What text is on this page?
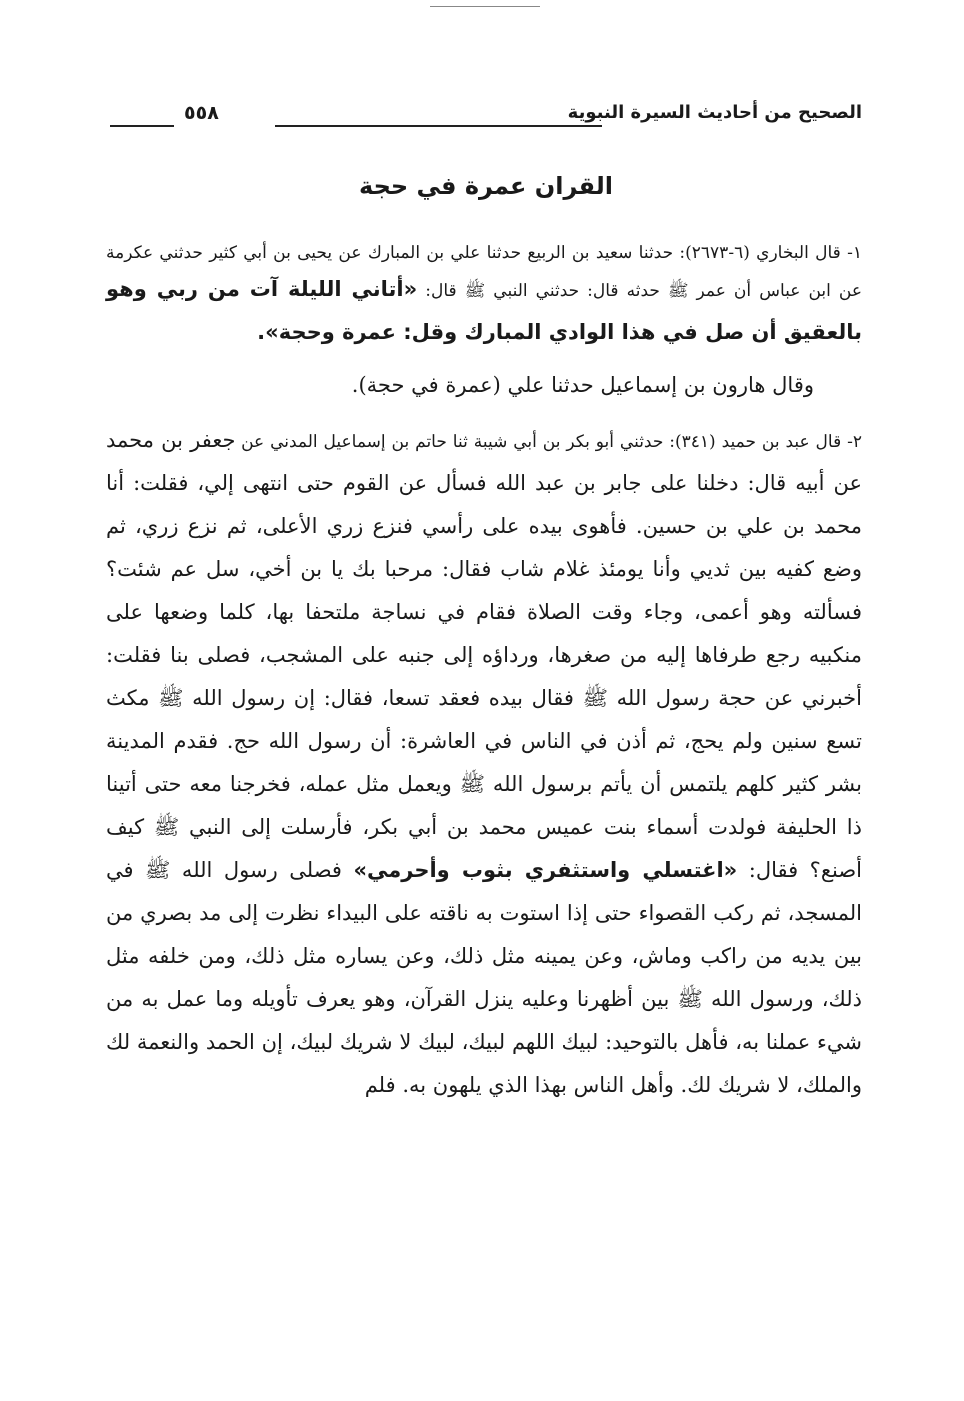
الصحيح من أحاديث السيرة النبوية
٥٥٨
القران عمرة في حجة

١- قال البخاري (٦-٢٦٧٣): حدثنا سعيد بن الربيع حدثنا علي بن المبارك عن يحيى بن أبي كثير حدثني عكرمة عن ابن عباس أن عمر ﷺ حدثه قال: حدثني النبي ﷺ قال: «أتاني الليلة آت من ربي وهو بالعقيق أن صل في هذا الوادي المبارك وقل: عمرة وحجة».

وقال هارون بن إسماعيل حدثنا علي (عمرة في حجة).

٢- قال عبد بن حميد (٣٤١): حدثني أبو بكر بن أبي شيبة ثنا حاتم بن إسماعيل المدني عن جعفر بن محمد عن أبيه قال: دخلنا على جابر بن عبد الله فسأل عن القوم حتى انتهى إلي، فقلت: أنا محمد بن علي بن حسين. فأهوى بيده على رأسي فنزع زري الأعلى، ثم نزع زري، ثم وضع كفيه بين ثديي وأنا يومئذ غلام شاب فقال: مرحبا بك يا بن أخي، سل عم شئت؟ فسألته وهو أعمى، وجاء وقت الصلاة فقام في نساجة ملتحفا بها، كلما وضعها على منكبيه رجع طرفاها إليه من صغرها، ورداؤه إلى جنبه على المشجب، فصلى بنا فقلت: أخبرني عن حجة رسول الله ﷺ فقال بيده فعقد تسعا، فقال: إن رسول الله ﷺ مكث تسع سنين ولم يحج، ثم أذن في الناس في العاشرة: أن رسول الله حج. فقدم المدينة بشر كثير كلهم يلتمس أن يأتم برسول الله ﷺ ويعمل مثل عمله، فخرجنا معه حتى أتينا ذا الحليفة فولدت أسماء بنت عميس محمد بن أبي بكر، فأرسلت إلى النبي ﷺ كيف أصنع؟ فقال: «اغتسلي واستثفري بثوب وأحرمي» فصلى رسول الله ﷺ في المسجد، ثم ركب القصواء حتى إذا استوت به ناقته على البيداء نظرت إلى مد بصري من بين يديه من راكب وماش، وعن يمينه مثل ذلك، وعن يساره مثل ذلك، ومن خلفه مثل ذلك، ورسول الله ﷺ بين أظهرنا وعليه ينزل القرآن، وهو يعرف تأويله وما عمل به من شيء عملنا به، فأهل بالتوحيد: لبيك اللهم لبيك، لبيك لا شريك لبيك، إن الحمد والنعمة لك والملك، لا شريك لك. وأهل الناس بهذا الذي يلهون به. فلم
